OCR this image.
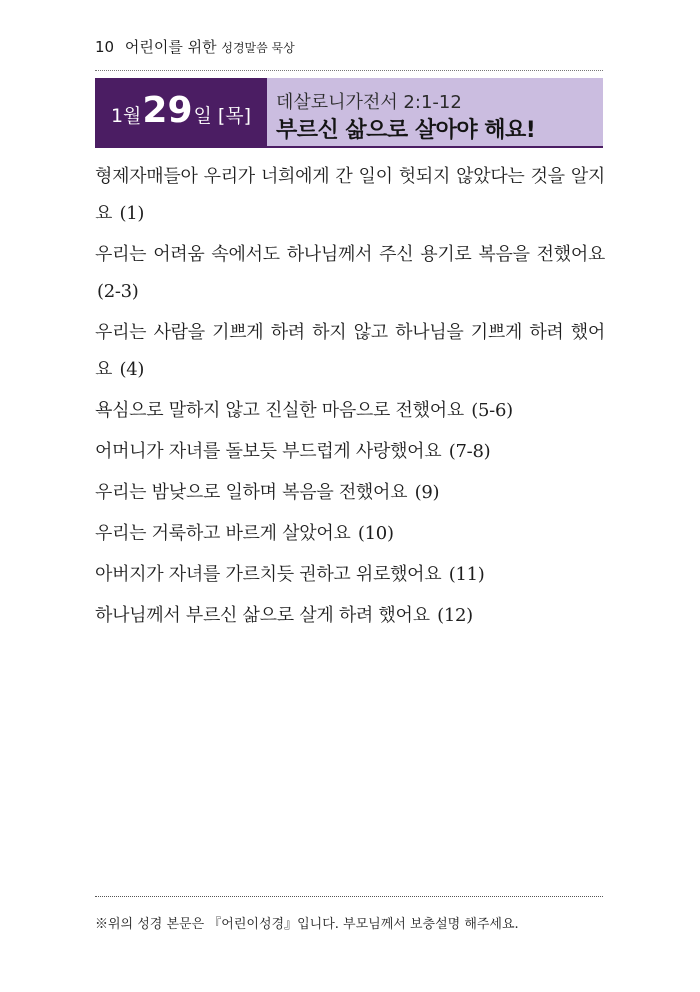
10 어린이를 위한 성경말씀 묵상
1월 29 일 [목]
데살로니가전서 2:1-12
부르신 삶으로 살아야 해요!

형제자매들아 우리가 너희에게 간 일이 헛되지 않았다는 것을 알지요 (1)

우리는 어려움 속에서도 하나님께서 주신 용기로 복음을 전했어요 (2-3)

우리는 사람을 기쁘게 하려 하지 않고 하나님을 기쁘게 하려 했어요 (4)

욕심으로 말하지 않고 진실한 마음으로 전했어요 (5-6)

어머니가 자녀를 돌보듯 부드럽게 사랑했어요 (7-8)

우리는 밤낮으로 일하며 복음을 전했어요 (9)

우리는 거룩하고 바르게 살았어요 (10)

아버지가 자녀를 가르치듯 권하고 위로했어요 (11)

하나님께서 부르신 삶으로 살게 하려 했어요 (12)

※위의 성경 본문은 『어린이성경』입니다. 부모님께서 보충설명 해주세요.
